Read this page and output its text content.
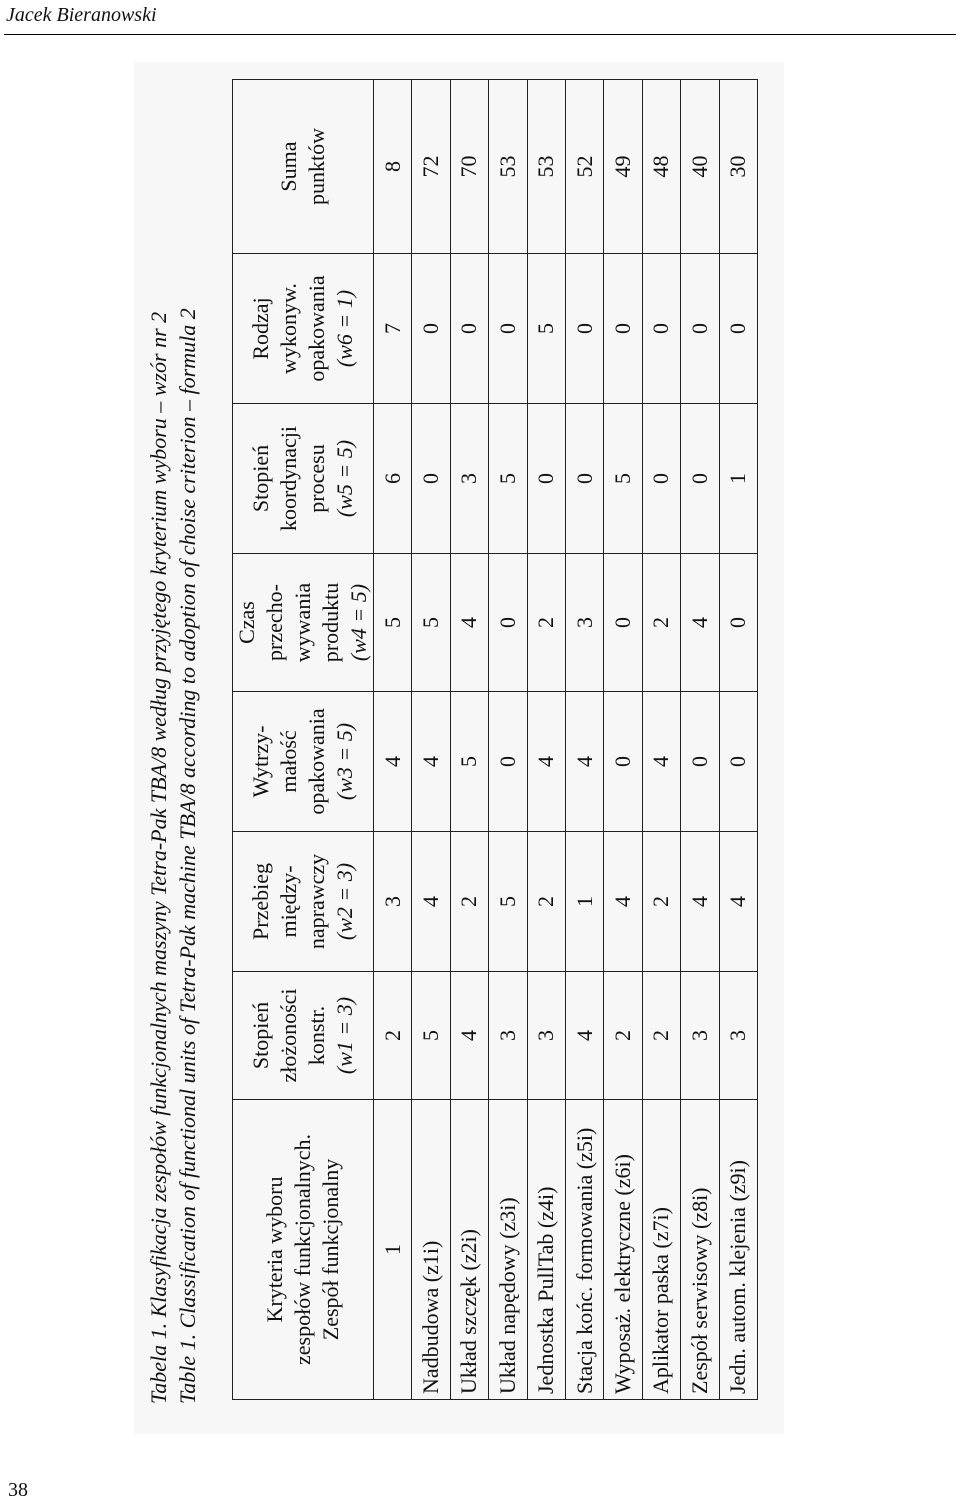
Jacek Bieranowski
Tabela 1. Klasyfikacja zespołów funkcjonalnych maszyny Tetra-Pak TBA/8 według przyjętego kryterium wyboru – wzór nr 2 Table 1. Classification of functional units of Tetra-Pak machine TBA/8 according to adoption of choise criterion – formula 2	Kryteria wyboru zespołów funkcjonalnych. Zespół funkcjonalny	Stopień złożoności konstr. (w1 = 3)	Przebieg między- naprawczy (w2 = 3)	Wytrzy- małość opakowania (w3 = 5)	Czas przecho- wywania produktu (w4 = 5)	Stopień koordynacji procesu (w5 = 5)	Rodzaj wykonyw. opakowania (w6 = 1)	Suma punktów

1	2	3	4	5	6	7	8
Nadbudowa (z1i)	5	4	4	5	0	0	72
Układ szczęk (z2i)	4	2	5	4	3	0	70
Układ napędowy (z3i)	3	5	0	0	5	0	53
Jednostka PullTab (z4i)	3	2	4	2	0	5	53
Stacja końc. formowania (z5i)	4	1	4	3	0	0	52
Wyposaż. elektryczne (z6i)	2	4	0	0	5	0	49
Aplikator paska (z7i)	2	2	4	2	0	0	48
Zespół serwisowy (z8i)	3	4	0	4	0	0	40
Jedn. autom. klejenia (z9i)	3	4	0	0	1	0	30
38
